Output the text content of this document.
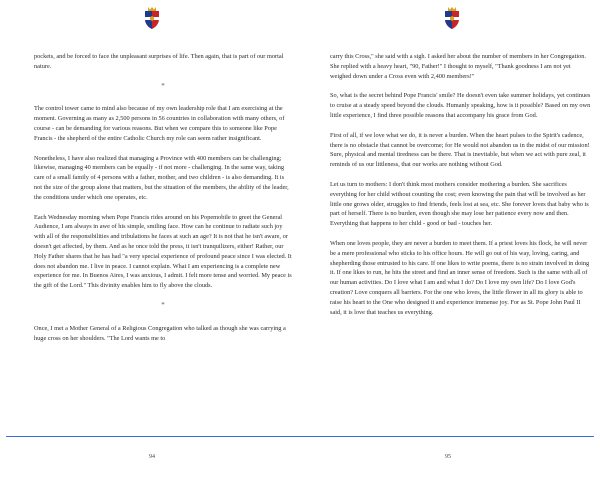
pockets, and be forced to face the unpleasant surprises of life. Then again, that is part of our mortal nature.

*

The control tower came to mind also because of my own leadership role that I am exercising at the moment. Governing as many as 2,500 persons in 56 countries in collaboration with many others, of course - can be demanding for various reasons. But when we compare this to someone like Pope Francis - the shepherd of the entire Catholic Church my role can seem rather insignificant.

Nonetheless, I have also realized that managing a Province with 400 members can be challenging; likewise, managing 40 members can be equally - if not more - challenging. In the same way, taking care of a small family of 4 persons with a father, mother, and two children - is also demanding. It is not the size of the group alone that matters, but the situation of the members, the ability of the leader, the conditions under which one operates, etc.

Each Wednesday morning when Pope Francis rides around on his Popemobile to greet the General Audience, I am always in awe of his simple, smiling face. How can he continue to radiate such joy with all of the responsibilities and tribulations he faces at such an age? It is not that he isn't aware, or doesn't get affected, by them. And as he once told the press, it isn't tranquilizers, either! Rather, our Holy Father shares that he has had "a very special experience of profound peace since I was elected. It does not abandon me. I live in peace. I cannot explain. What I am experiencing is a complete new experience for me. In Buenos Aires, I was anxious, I admit. I felt more tense and worried. My peace is the gift of the Lord." This divinity enables him to fly above the clouds.

*

Once, I met a Mother General of a Religious Congregation who talked as though she was carrying a huge cross on her shoulders. "The Lord wants me to

94

carry this Cross," she said with a sigh. I asked her about the number of members in her Congregation. She replied with a heavy heart, "90, Father!" I thought to myself, "Thank goodness I am not yet weighed down under a Cross even with 2,400 members!"

So, what is the secret behind Pope Francis' smile? He doesn't even take summer holidays, yet continues to cruise at a steady speed beyond the clouds. Humanly speaking, how is it possible? Based on my own little experience, I find three possible reasons that accompany his grace from God.

First of all, if we love what we do, it is never a burden. When the heart pulses to the Spirit's cadence, there is no obstacle that cannot be overcome; for He would not abandon us in the midst of our mission! Sure, physical and mental tiredness can be there. That is inevitable, but when we act with pure zeal, it reminds of us our littleness, that our works are nothing without God.

Let us turn to mothers: I don't think most mothers consider mothering a burden. She sacrifices everything for her child without counting the cost; even knowing the pain that will be involved as her little one grows older, struggles to find friends, feels lost at sea, etc. She forever loves that baby who is part of herself. There is no burden, even though she may lose her patience every now and then. Everything that happens to her child - good or bad - touches her.

When one loves people, they are never a burden to meet them. If a priest loves his flock, he will never be a mere professional who sticks to his office hours. He will go out of his way, loving, caring, and shepherding those entrusted to his care. If one likes to write poems, there is no strain involved in doing it. If one likes to run, he hits the street and find an inner sense of freedom. Such is the same with all of our human activities. Do I love what I am and what I do? Do I love my own life? Do I love God's creation? Love conquers all barriers. For the one who loves, the little flower in all its glory is able to raise his heart to the One who designed it and experience immense joy. For as St. Pope John Paul II said, it is love that teaches us everything.

95
